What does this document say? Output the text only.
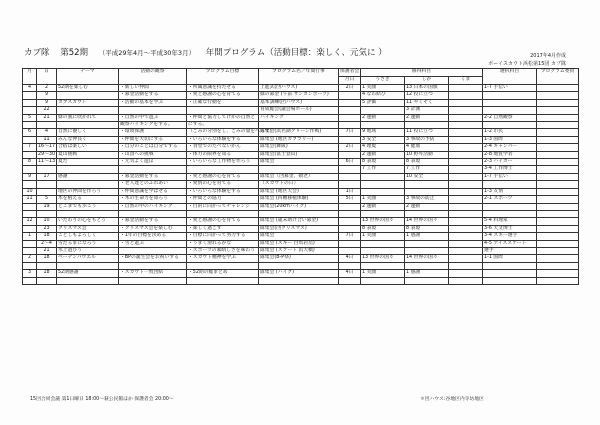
カブ隊 第52期 （平成29年4月～平成30年3月） 年間プログラム（活動目標：楽しく、元気に ）	2017年4月作成
ボーイスカウト浜松第15団 カブ隊
月	日	テーマ	活動の観察	プログラム目標	プログラム名／年間行事	保護者会	修得科目			選択科目	プログラム委員
						月日	うさぎ	しか	くま		
4	2	52期を楽しむ	・新しい仲間	・所属意識を持たせる	上進式(団ハウス)	2日	1 笑顔	13 日本の国旗		1-7 手伝い	
	9		・募金活動をする	・愛と感謝の心を育てる	緑の募金 (午前 サンカンポーツ)		4 なわ結び	12 役に立つ			
	9	カブスカウト	・活動の基本を学ぶ	・正確な行動を	基本訓練(団ハウス)		5 評価	11 やくそく			
	22				育成総会(議会場ホール)			3 計測			
5	21	緑の風に吹かれて	・自然の中で遊ぶ	・仲間と協力してけがの自然と	ハイキング		2 運動	2 運動		2-2 自然観察	
			観察ハイキングをする。	にする。							
6	4	自然に優しく	・環境保護	（ごみの分別をし、ごみの量をへらす）	隊集会(浜名湖グリーン作戦)	7日	9 地域	11 役に立つ		1-2 市民	
	11	みんな仲良く	・仲間を大切にする	・いろいろな体験をする	隊集会 (地区カブラリー)		3 安全	3 事故の予防		1-3 国際	
7	16〜17	合宿は楽しい	・自分のことは自分でする	・食堂でのたべないかん	隊集会(舞阪)	2日	4 理髪	4 健康		2-4 キャンパー	
	29〜30	夏山挑戦	・山頂への挑戦	・体力の限界を知る	隊集会(富士登山)		2 運動	10 野外活動		2-8 地質学者	
8	11〜13	夏だ	・元気よく遊ぼ	・いろいろな工作物を作ろう	隊集会	6日	8 表現	8 表現		2-3 ハイカー	
							7 工作	7 工作		3-4 工作博士	
9	17	感謝	・募金活動をする	・愛と感謝の心を育てる	隊集会（団募金、敬老）			10 安全		1-7 手伝い	
			・老人達とのふれあい	・愛情の心を育てる	（スカウトの日）						
10		地区の仲間を作ろう	・仲間意識を学ばせる	・いろいろな体験をする	隊集会 (地区大会)	1日				1-3 友情	
11	5	木を植える	・木の生命力を知ろう	・仲間との協力	隊集会 (四難移植体験)	5日	1 笑顔	3 事故の防止		2-1 スポーツ	
	19	どこまでも歩こう	・自然の中のハイキング	・目的に向かってチャレンジ	隊集会(20kmハイク)		2 運動	2 運動			

12	10	いたわりの心をもとう	・募金活動をする	・愛と感謝の心を育てる	隊集会 (歳末助け合い募金)		13 世界の国々	14 世界の国々		5-4 料理家	
	23	クリスマス会	・クリスマス会を楽しむ	・楽しく過ごす	隊集会(団クリスマス)		8 表現	8 表現		3-6 天文博士	
1	18	ことしもよろしく	・1年の目標を決める	・目標に向かって努力する	隊集会	7日	1 笑顔	1 感謝		3-4 スキー選手	
	2〜4	雪だるまになろう	・雪と遊ぶ	・うまく滑れるかな	隊集会 (スキー 白馬岩岳)					4-5 アイススケート	
	21	氷上遊びう		・スポーツの素晴しさを味わう	隊集会 (スケート 浜大橋)					選手	
2	18	ベーデンパウエル	・BPの誕生会をお祝いする	・スカウト精神を学ぶ	隊集会(B-P祭)	4日	13 世界の国々	14 世界の国々		1-1 国際	

3	18	52期感謝	・スカウト一致団結	・52期の総まとめ	隊集会 (ハイク)	4日	1 笑顔	1 感謝			

15団合同会議 第1日曜日 18:00～萩公民館ほか 保護者会 20:00～	＊団ハウス:谷地区内寺坊地区
